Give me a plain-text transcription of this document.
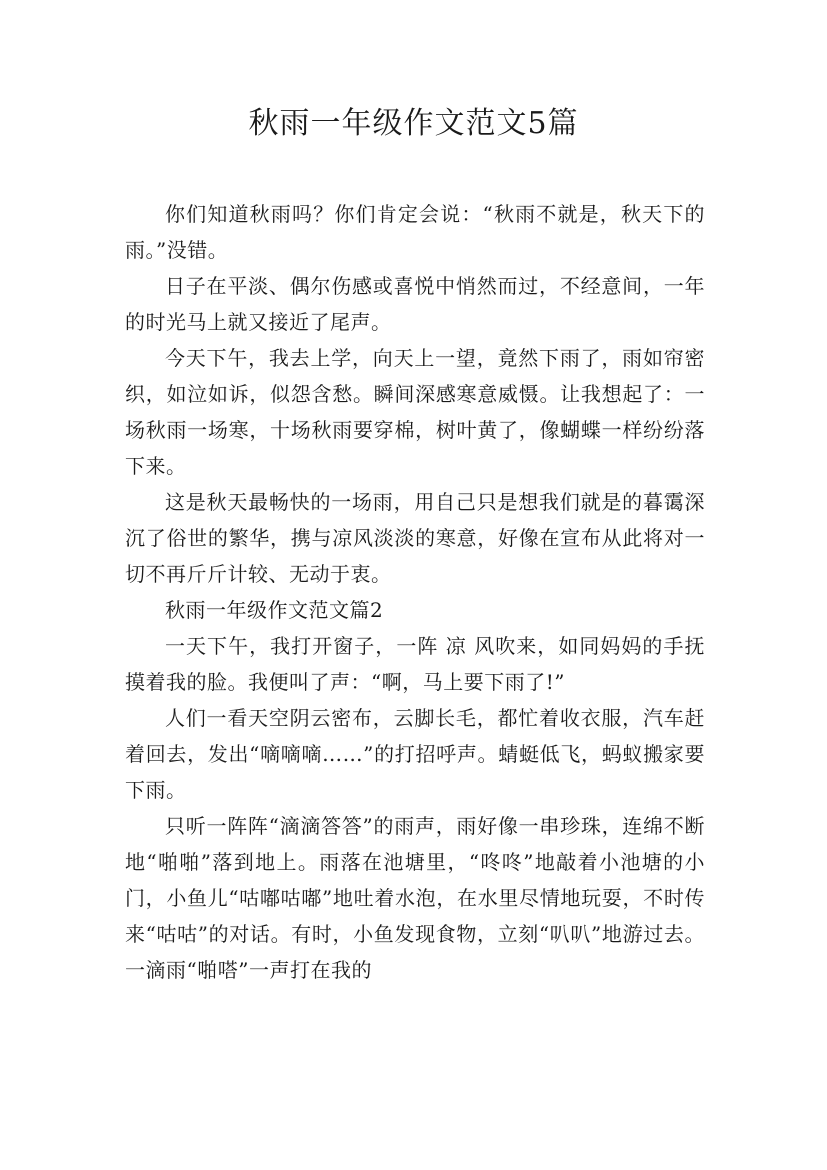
秋雨一年级作文范文5篇

你们知道秋雨吗？你们肯定会说：“秋雨不就是，秋天下的雨。”没错。

日子在平淡、偶尔伤感或喜悦中悄然而过，不经意间，一年的时光马上就又接近了尾声。

今天下午，我去上学，向天上一望，竟然下雨了，雨如帘密织，如泣如诉，似怨含愁。瞬间深感寒意威慑。让我想起了：一场秋雨一场寒，十场秋雨要穿棉，树叶黄了，像蝴蝶一样纷纷落下来。

这是秋天最畅快的一场雨，用自己只是想我们就是的暮霭深沉了俗世的繁华，携与凉风淡淡的寒意，好像在宣布从此将对一切不再斤斤计较、无动于衷。

秋雨一年级作文范文篇2

一天下午，我打开窗子，一阵 凉 风吹来，如同妈妈的手抚摸着我的脸。我便叫了声：“啊，马上要下雨了!”

人们一看天空阴云密布，云脚长毛，都忙着收衣服，汽车赶着回去，发出“嘀嘀嘀……”的打招呼声。蜻蜓低飞，蚂蚁搬家要下雨。

只听一阵阵“滴滴答答”的雨声，雨好像一串珍珠，连绵不断地“啪啪”落到地上。雨落在池塘里，“咚咚”地敲着小池塘的小门，小鱼儿“咕嘟咕嘟”地吐着水泡，在水里尽情地玩耍，不时传来“咕咕”的对话。有时，小鱼发现食物，立刻“叭叭”地游过去。一滴雨“啪嗒”一声打在我的
